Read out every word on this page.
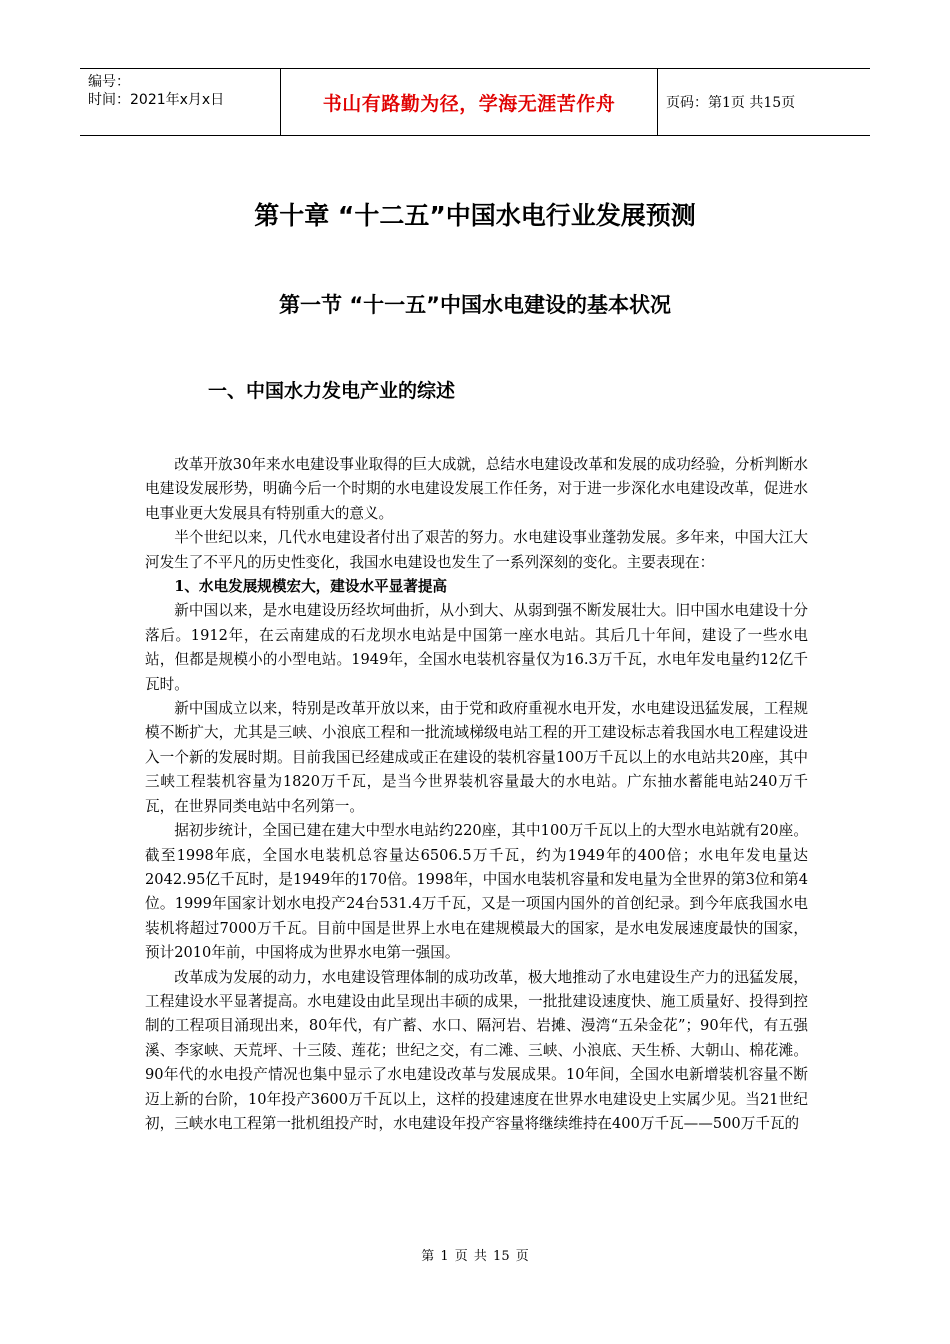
编号：
时间：2021年x月x日	书山有路勤为径，学海无涯苦作舟	页码：第1页 共15页
第十章 “十二五”中国水电行业发展预测
第一节 “十一五”中国水电建设的基本状况
一、中国水力发电产业的综述

改革开放30年来水电建设事业取得的巨大成就，总结水电建设改革和发展的成功经验，分析判断水电建设发展形势，明确今后一个时期的水电建设发展工作任务，对于进一步深化水电建设改革，促进水电事业更大发展具有特别重大的意义。

半个世纪以来，几代水电建设者付出了艰苦的努力。水电建设事业蓬勃发展。多年来，中国大江大河发生了不平凡的历史性变化，我国水电建设也发生了一系列深刻的变化。主要表现在：

1、水电发展规模宏大，建设水平显著提高

新中国以来，是水电建设历经坎坷曲折，从小到大、从弱到强不断发展壮大。旧中国水电建设十分落后。1912年，在云南建成的石龙坝水电站是中国第一座水电站。其后几十年间，建设了一些水电站，但都是规模小的小型电站。1949年，全国水电装机容量仅为16.3万千瓦，水电年发电量约12亿千瓦时。

新中国成立以来，特别是改革开放以来，由于党和政府重视水电开发，水电建设迅猛发展，工程规模不断扩大，尤其是三峡、小浪底工程和一批流域梯级电站工程的开工建设标志着我国水电工程建设进入一个新的发展时期。目前我国已经建成或正在建设的装机容量100万千瓦以上的水电站共20座，其中三峡工程装机容量为1820万千瓦，是当今世界装机容量最大的水电站。广东抽水蓄能电站240万千瓦，在世界同类电站中名列第一。

据初步统计，全国已建在建大中型水电站约220座，其中100万千瓦以上的大型水电站就有20座。截至1998年底，全国水电装机总容量达6506.5万千瓦，约为1949年的400倍；水电年发电量达2042.95亿千瓦时，是1949年的170倍。1998年，中国水电装机容量和发电量为全世界的第3位和第4位。1999年国家计划水电投产24台531.4万千瓦，又是一项国内国外的首创纪录。到今年底我国水电装机将超过7000万千瓦。目前中国是世界上水电在建规模最大的国家，是水电发展速度最快的国家，预计2010年前，中国将成为世界水电第一强国。

改革成为发展的动力，水电建设管理体制的成功改革，极大地推动了水电建设生产力的迅猛发展，工程建设水平显著提高。水电建设由此呈现出丰硕的成果，一批批建设速度快、施工质量好、投得到控制的工程项目涌现出来，80年代，有广蓄、水口、隔河岩、岩摊、漫湾“五朵金花”；90年代，有五强溪、李家峡、天荒坪、十三陵、莲花；世纪之交，有二滩、三峡、小浪底、天生桥、大朝山、棉花滩。90年代的水电投产情况也集中显示了水电建设改革与发展成果。10年间，全国水电新增装机容量不断迈上新的台阶，10年投产3600万千瓦以上，这样的投建速度在世界水电建设史上实属少见。当21世纪初，三峡水电工程第一批机组投产时，水电建设年投产容量将继续维持在400万千瓦——500万千瓦的

第 1 页 共 15 页
